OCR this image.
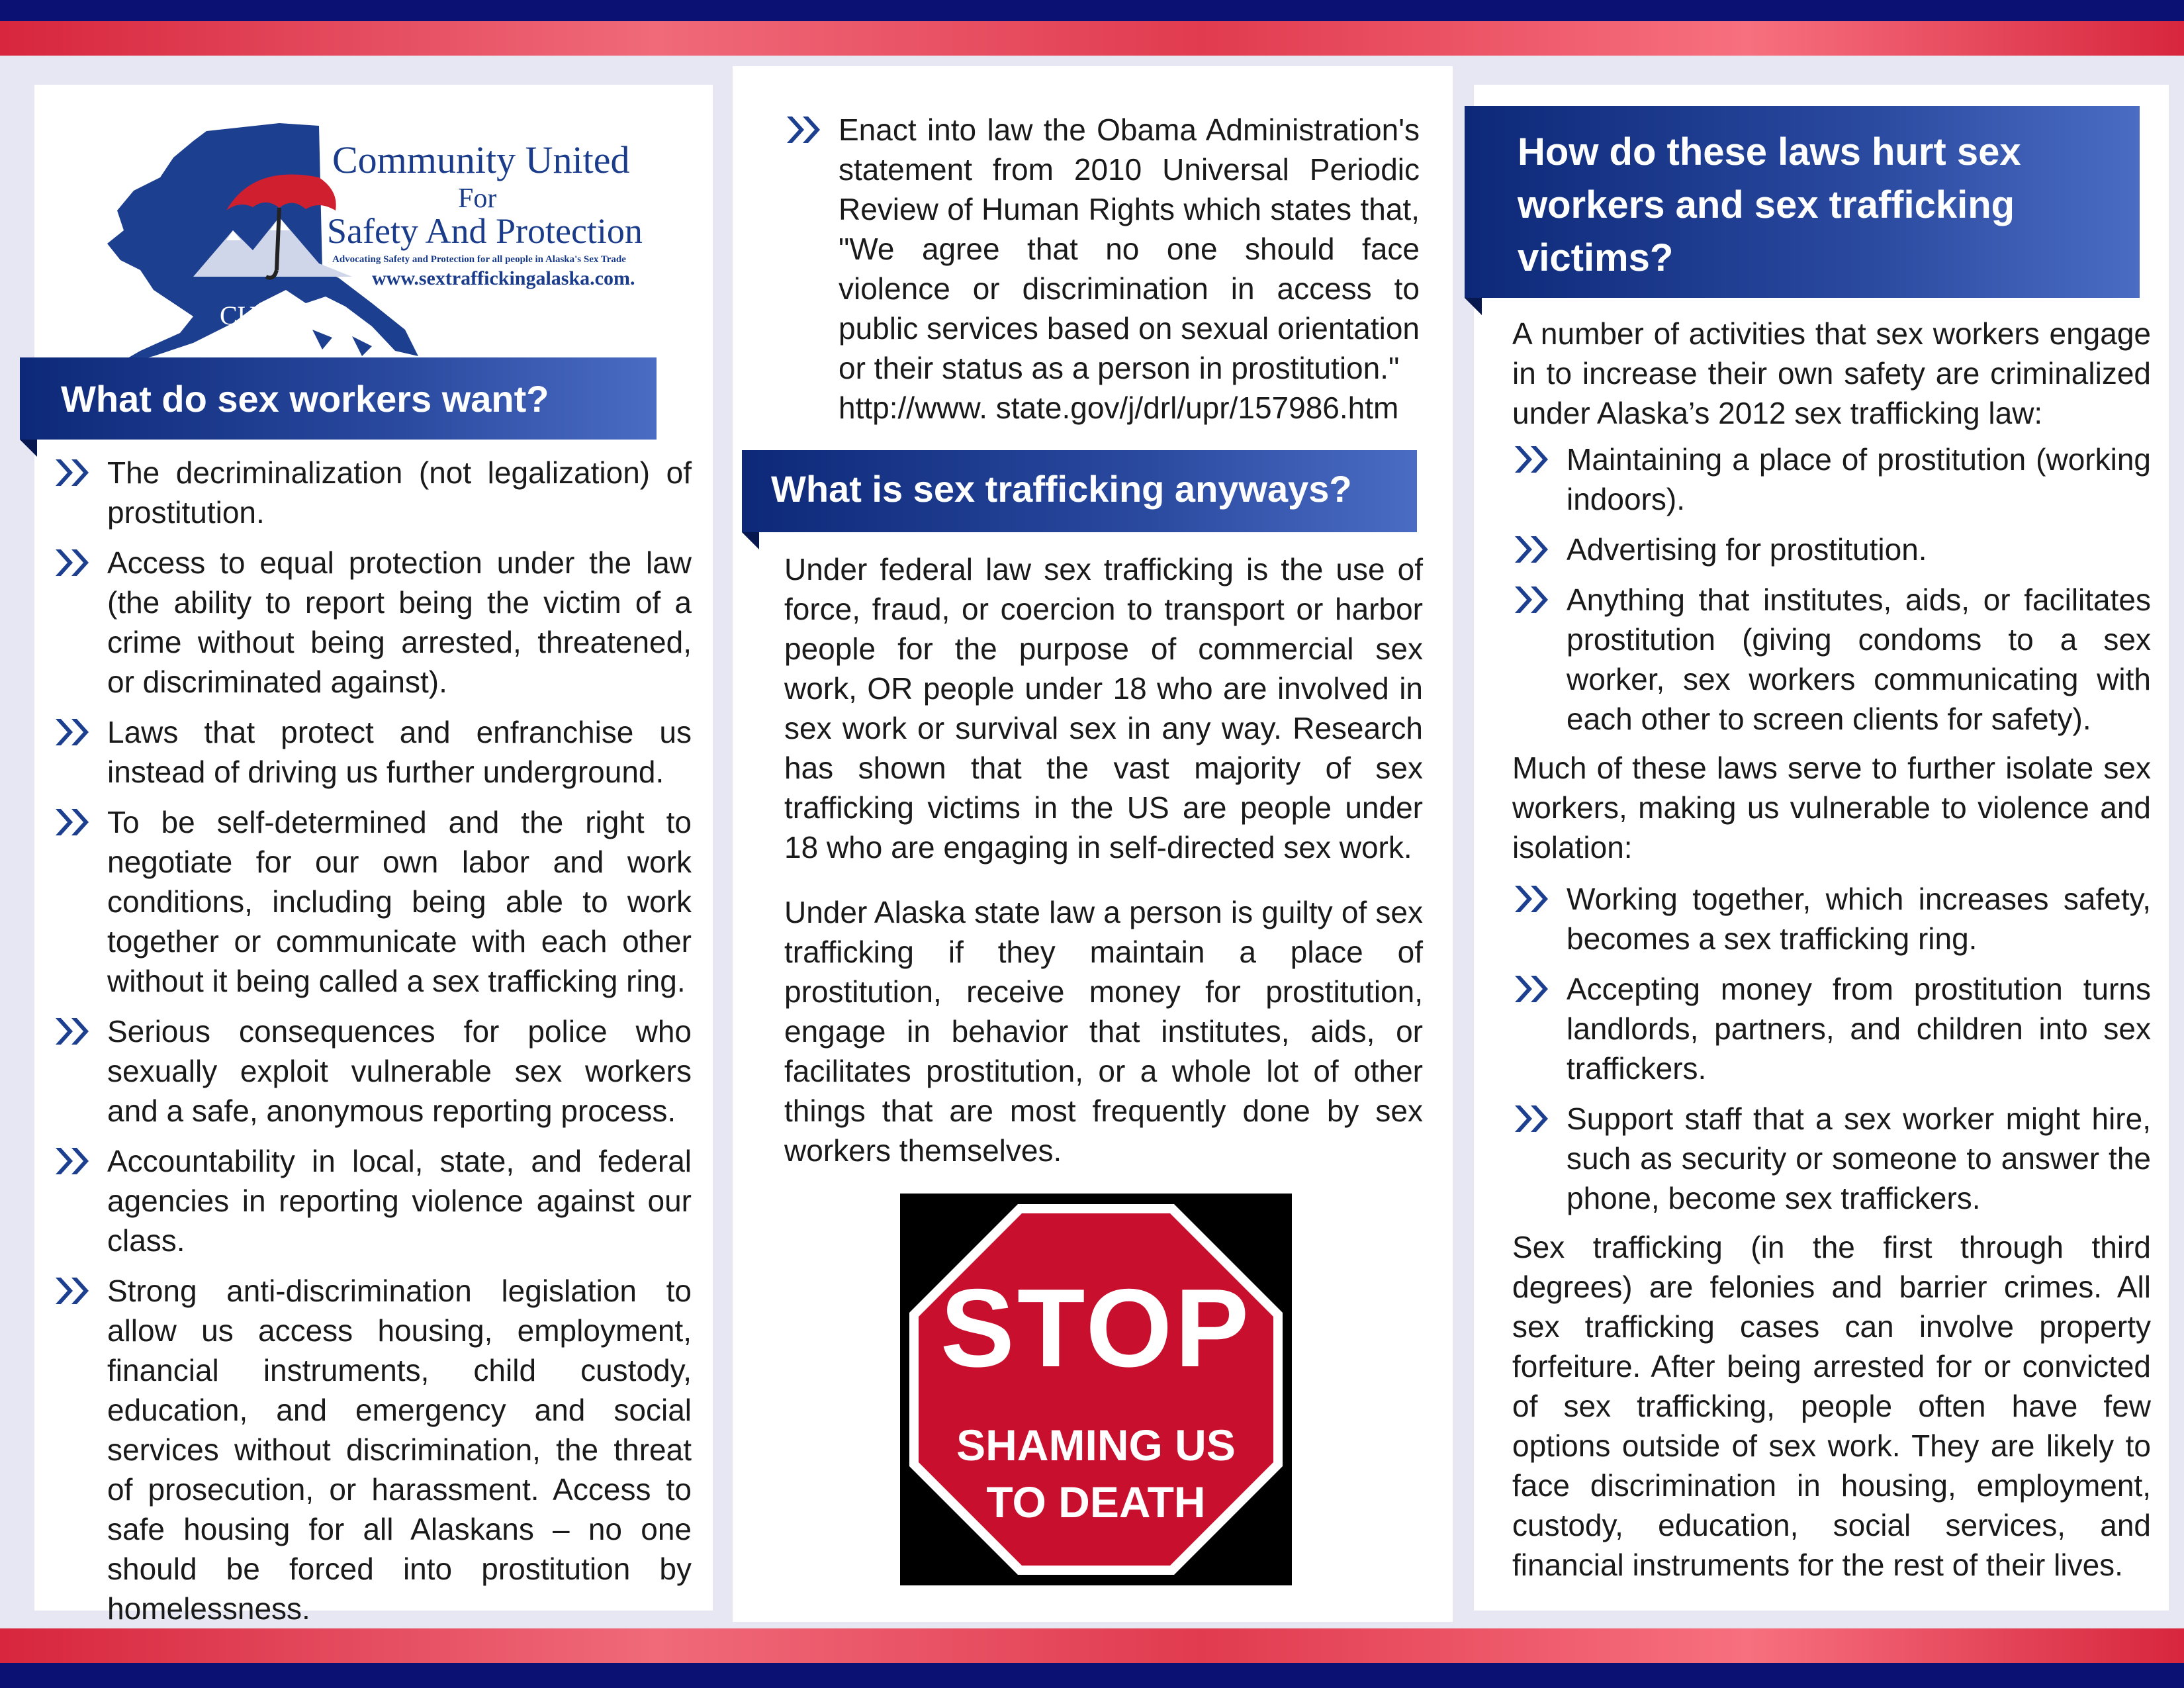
CUSP
Community United
For
Safety And Protection
Advocating Safety and Protection for all people in Alaska's Sex Trade
www.sextraffickingalaska.com.
What do sex workers want?
The decriminalization (not legalization) of prostitution.
Access to equal protection under the law (the ability to report being the victim of a crime without being arrested, threatened, or discriminated against).
Laws that protect and enfranchise us instead of driving us further underground.
To be self-determined and the right to negotiate for our own labor and work conditions, including being able to work together or communicate with each other without it being called a sex trafficking ring.
Serious consequences for police who sexually exploit vulnerable sex workers and a safe, anonymous reporting process.
Accountability in local, state, and federal agencies in reporting violence against our class.
Strong anti-discrimination legislation to allow us access housing, employment, financial instruments, child custody, education, and emergency and social services without discrimination, the threat of prosecution, or harassment. Access to safe housing for all Alaskans – no one should be forced into prostitution by homelessness.
Enact into law the Obama Administration's statement from 2010 Universal Periodic Review of Human Rights which states that, "We agree that no one should face violence or discrimination in access to public services based on sexual orientation or their status as a person in prostitution."
http://www. state.gov/j/drl/upr/157986.htm
What is sex trafficking anyways?
Under federal law sex trafficking is the use of force, fraud, or coercion to transport or harbor people for the purpose of commercial sex work, OR people under 18 who are involved in sex work or survival sex in any way. Research has shown that the vast majority of sex trafficking victims in the US are people under 18 who are engaging in self-directed sex work.
Under Alaska state law a person is guilty of sex trafficking if they maintain a place of prostitution, receive money for prostitution, engage in behavior that institutes, aids, or facilitates prostitution, or a whole lot of other things that are most frequently done by sex workers themselves.
STOP
SHAMING US
TO DEATH
How do these laws hurt sex workers and sex trafficking victims?
A number of activities that sex workers engage in to increase their own safety are criminalized under Alaska’s 2012 sex trafficking law:
Maintaining a place of prostitution (working indoors).
Advertising for prostitution.
Anything that institutes, aids, or facilitates prostitution (giving condoms to a sex worker, sex workers communicating with each other to screen clients for safety).
Much of these laws serve to further isolate sex workers, making us vulnerable to violence and isolation:
Working together, which increases safety, becomes a sex trafficking ring.
Accepting money from prostitution turns landlords, partners, and children into sex traffickers.
Support staff that a sex worker might hire, such as security or someone to answer the phone, become sex traffickers.
Sex trafficking (in the first through third degrees) are felonies and barrier crimes. All sex trafficking cases can involve property forfeiture. After being arrested for or convicted of sex trafficking, people often have few options outside of sex work. They are likely to face discrimination in housing, employment, custody, education, social services, and financial instruments for the rest of their lives.
